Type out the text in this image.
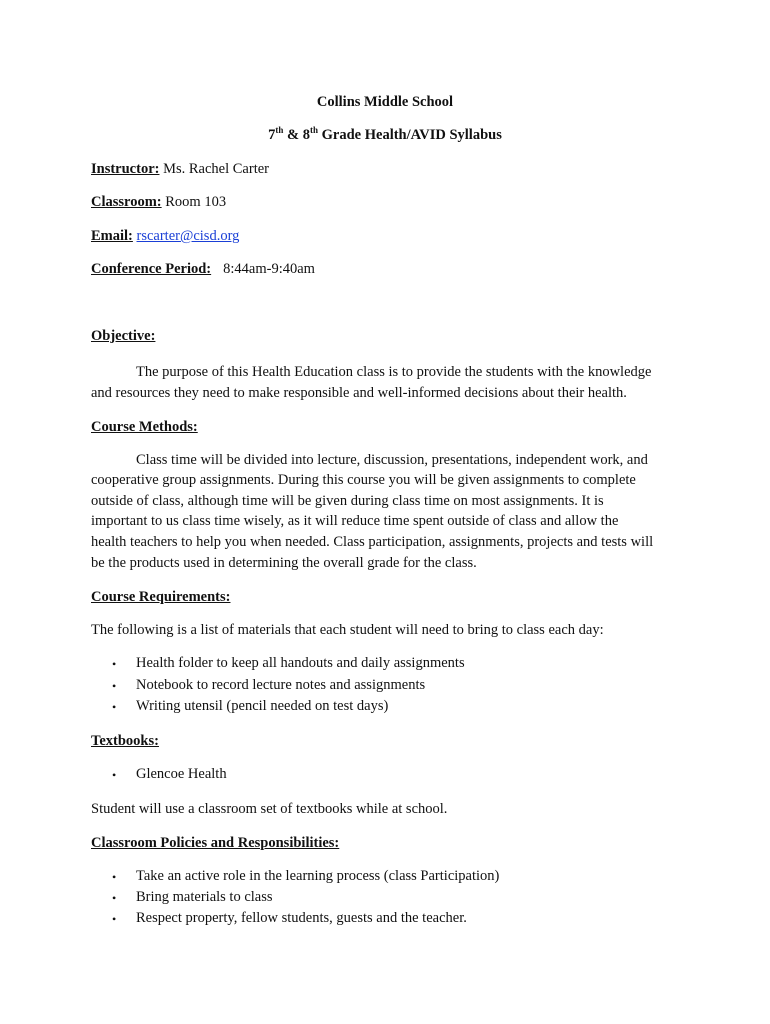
Collins Middle School
7th & 8th Grade Health/AVID Syllabus
Instructor: Ms. Rachel Carter
Classroom: Room 103
Email: rscarter@cisd.org
Conference Period: 8:44am-9:40am
Objective:
The purpose of this Health Education class is to provide the students with the knowledge
and resources they need to make responsible and well-informed decisions about their health.
Course Methods:
Class time will be divided into lecture, discussion, presentations, independent work, and
cooperative group assignments. During this course you will be given assignments to complete
outside of class, although time will be given during class time on most assignments. It is
important to us class time wisely, as it will reduce time spent outside of class and allow the
health teachers to help you when needed. Class participation, assignments, projects and tests will
be the products used in determining the overall grade for the class.
Course Requirements:
The following is a list of materials that each student will need to bring to class each day:
• Health folder to keep all handouts and daily assignments
• Notebook to record lecture notes and assignments
• Writing utensil (pencil needed on test days)
Textbooks:
• Glencoe Health
Student will use a classroom set of textbooks while at school.
Classroom Policies and Responsibilities:
• Take an active role in the learning process (class Participation)
• Bring materials to class
• Respect property, fellow students, guests and the teacher.
